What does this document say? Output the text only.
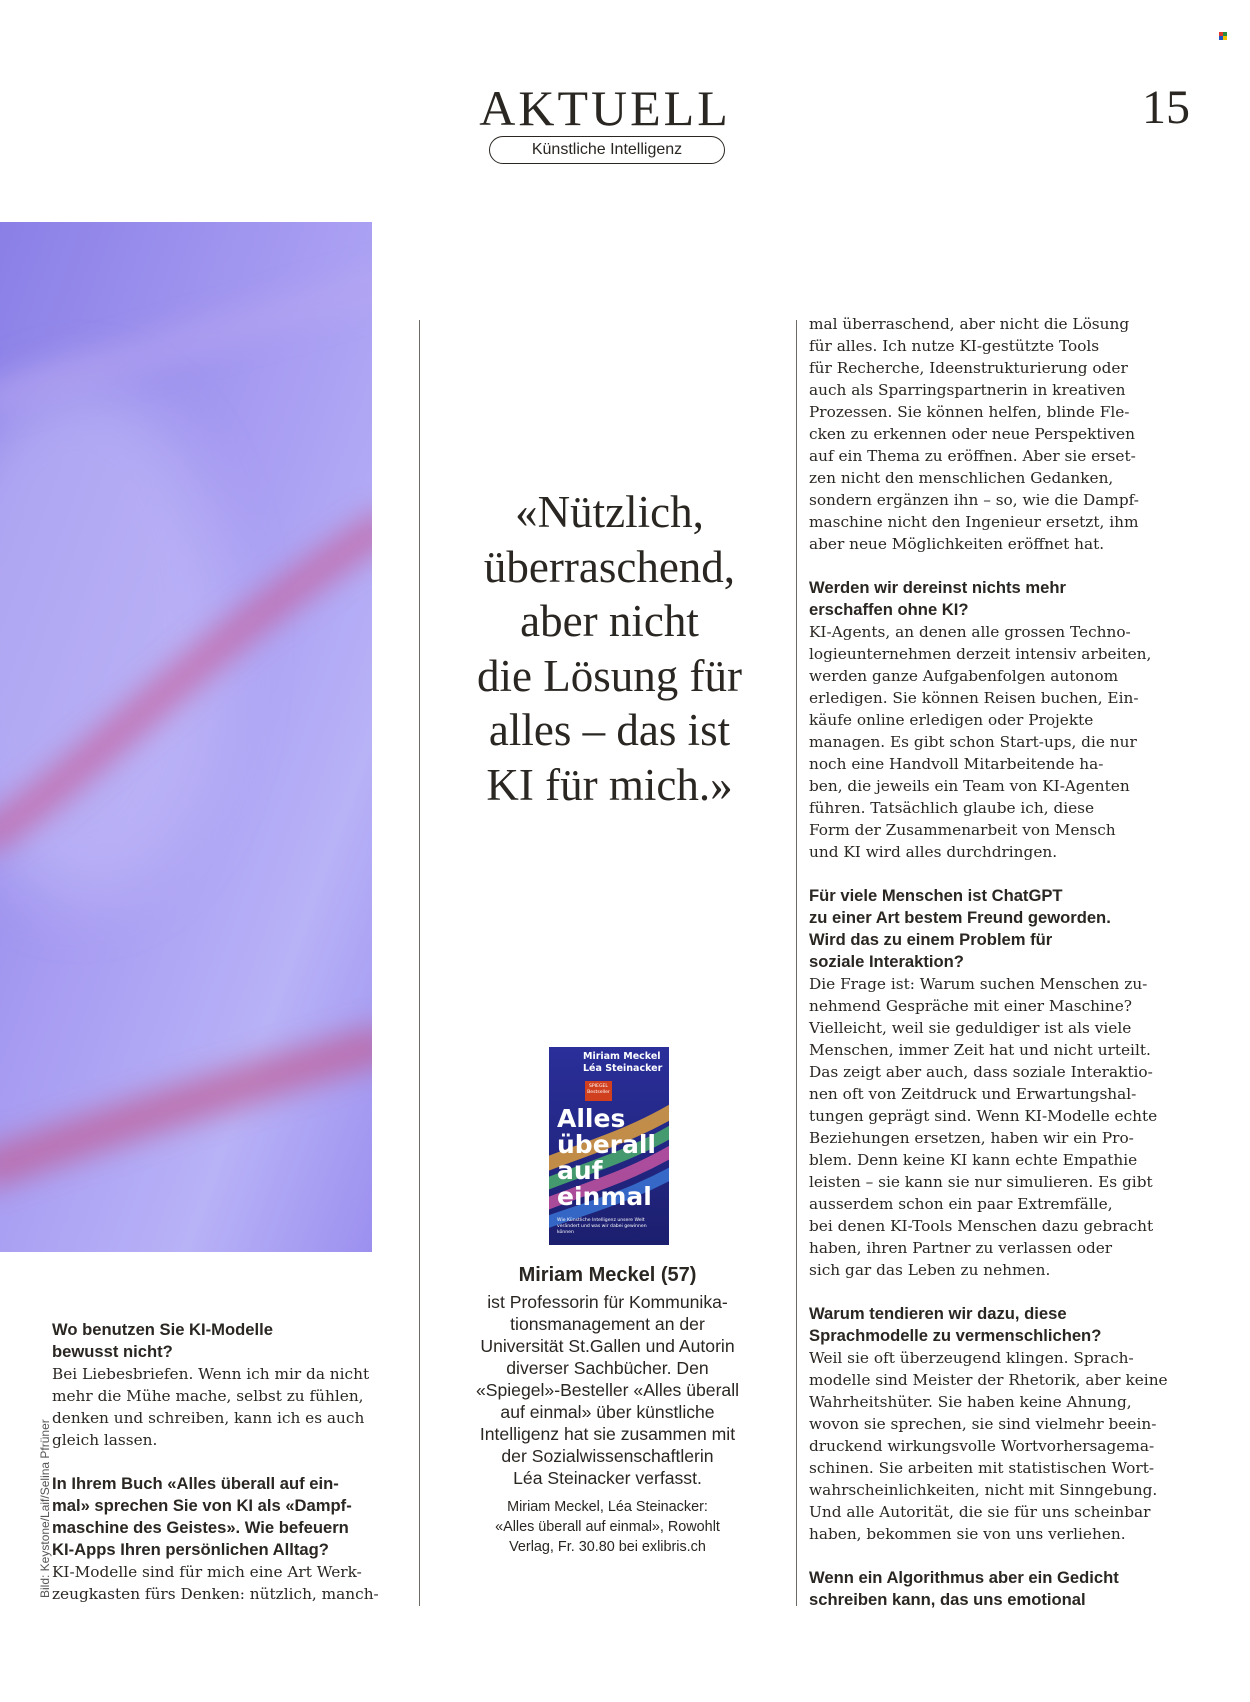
AKTUELL
Künstliche Intelligenz
15
«Nützlich,
überraschend,
aber nicht
die Lösung für
alles – das ist
KI für mich.»
Miriam Meckel
Léa Steinacker
SPIEGEL
Bestseller
Alles
überall
auf
einmal
Wie Künstliche Intelligenz unsere Welt verändert und was wir dabei gewinnen können
Miriam Meckel (57)
ist Professorin für Kommunika-
tionsmanagement an der
Universität St.Gallen und Autorin
diverser Sachbücher. Den
«Spiegel»-Besteller «Alles überall
auf einmal» über künstliche
Intelligenz hat sie zusammen mit
der Sozialwissenschaftlerin
Léa Steinacker verfasst.
Miriam Meckel, Léa Steinacker:
«Alles überall auf einmal», Rowohlt
Verlag, Fr. 30.80 bei exlibris.ch
Wo benutzen Sie KI-Modelle
bewusst nicht?
Bei Liebesbriefen. Wenn ich mir da nicht
mehr die Mühe mache, selbst zu fühlen,
denken und schreiben, kann ich es auch
gleich lassen.
In Ihrem Buch «Alles überall auf ein-
mal» sprechen Sie von KI als «Dampf-
maschine des Geistes». Wie befeuern
KI-Apps Ihren persönlichen Alltag?
KI-Modelle sind für mich eine Art Werk-
zeugkasten fürs Denken: nützlich, manch-
mal überraschend, aber nicht die Lösung
für alles. Ich nutze KI-gestützte Tools
für Recherche, Ideenstrukturierung oder
auch als Sparringspartnerin in kreativen
Prozessen. Sie können helfen, blinde Fle-
cken zu erkennen oder neue Perspektiven
auf ein Thema zu eröffnen. Aber sie erset-
zen nicht den menschlichen Gedanken,
sondern ergänzen ihn – so, wie die Dampf-
maschine nicht den Ingenieur ersetzt, ihm
aber neue Möglichkeiten eröffnet hat.
Werden wir dereinst nichts mehr
erschaffen ohne KI?
KI-Agents, an denen alle grossen Techno-
logieunternehmen derzeit intensiv arbeiten,
werden ganze Aufgabenfolgen autonom
erledigen. Sie können Reisen buchen, Ein-
käufe online erledigen oder Projekte
managen. Es gibt schon Start-ups, die nur
noch eine Handvoll Mitarbeitende ha-
ben, die jeweils ein Team von KI-Agenten
führen. Tatsächlich glaube ich, diese
Form der Zusammenarbeit von Mensch
und KI wird alles durchdringen.
Für viele Menschen ist ChatGPT
zu einer Art bestem Freund geworden.
Wird das zu einem Problem für
soziale Interaktion?
Die Frage ist: Warum suchen Menschen zu-
nehmend Gespräche mit einer Maschine?
Vielleicht, weil sie geduldiger ist als viele
Menschen, immer Zeit hat und nicht urteilt.
Das zeigt aber auch, dass soziale Interaktio-
nen oft von Zeitdruck und Erwartungshal-
tungen geprägt sind. Wenn KI-Modelle echte
Beziehungen ersetzen, haben wir ein Pro-
blem. Denn keine KI kann echte Empathie
leisten – sie kann sie nur simulieren. Es gibt
ausserdem schon ein paar Extremfälle,
bei denen KI-Tools Menschen dazu gebracht
haben, ihren Partner zu verlassen oder
sich gar das Leben zu nehmen.
Warum tendieren wir dazu, diese
Sprachmodelle zu vermenschlichen?
Weil sie oft überzeugend klingen. Sprach-
modelle sind Meister der Rhetorik, aber keine
Wahrheitshüter. Sie haben keine Ahnung,
wovon sie sprechen, sie sind vielmehr beein-
druckend wirkungsvolle Wortvorhersagema-
schinen. Sie arbeiten mit statistischen Wort-
wahrscheinlichkeiten, nicht mit Sinngebung.
Und alle Autorität, die sie für uns scheinbar
haben, bekommen sie von uns verliehen.
Wenn ein Algorithmus aber ein Gedicht
schreiben kann, das uns emotional
Bild: Keystone/Laif/Selina Pfrüner
